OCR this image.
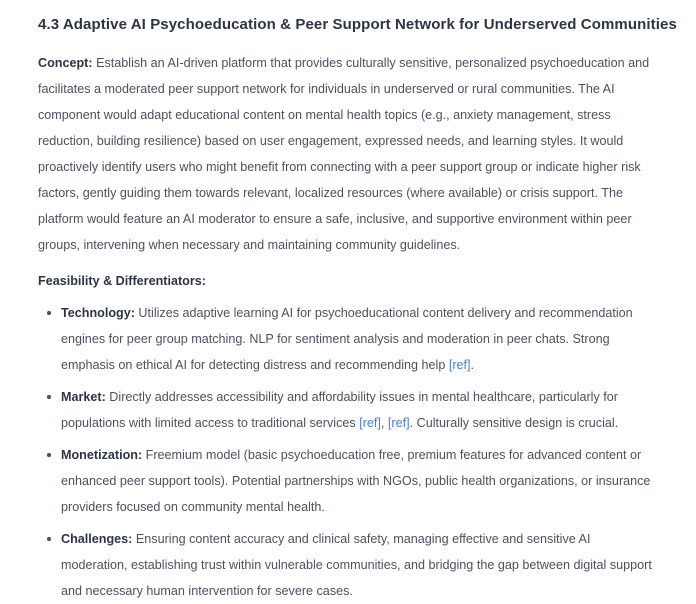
4.3 Adaptive AI Psychoeducation & Peer Support Network for Underserved Communities

Concept: Establish an AI-driven platform that provides culturally sensitive, personalized psychoeducation and facilitates a moderated peer support network for individuals in underserved or rural communities. The AI component would adapt educational content on mental health topics (e.g., anxiety management, stress reduction, building resilience) based on user engagement, expressed needs, and learning styles. It would proactively identify users who might benefit from connecting with a peer support group or indicate higher risk factors, gently guiding them towards relevant, localized resources (where available) or crisis support. The platform would feature an AI moderator to ensure a safe, inclusive, and supportive environment within peer groups, intervening when necessary and maintaining community guidelines.

Feasibility & Differentiators:
Technology: Utilizes adaptive learning AI for psychoeducational content delivery and recommendation engines for peer group matching. NLP for sentiment analysis and moderation in peer chats. Strong emphasis on ethical AI for detecting distress and recommending help [ref].
Market: Directly addresses accessibility and affordability issues in mental healthcare, particularly for populations with limited access to traditional services [ref], [ref]. Culturally sensitive design is crucial.
Monetization: Freemium model (basic psychoeducation free, premium features for advanced content or enhanced peer support tools). Potential partnerships with NGOs, public health organizations, or insurance providers focused on community mental health.
Challenges: Ensuring content accuracy and clinical safety, managing effective and sensitive AI moderation, establishing trust within vulnerable communities, and bridging the gap between digital support and necessary human intervention for severe cases.
